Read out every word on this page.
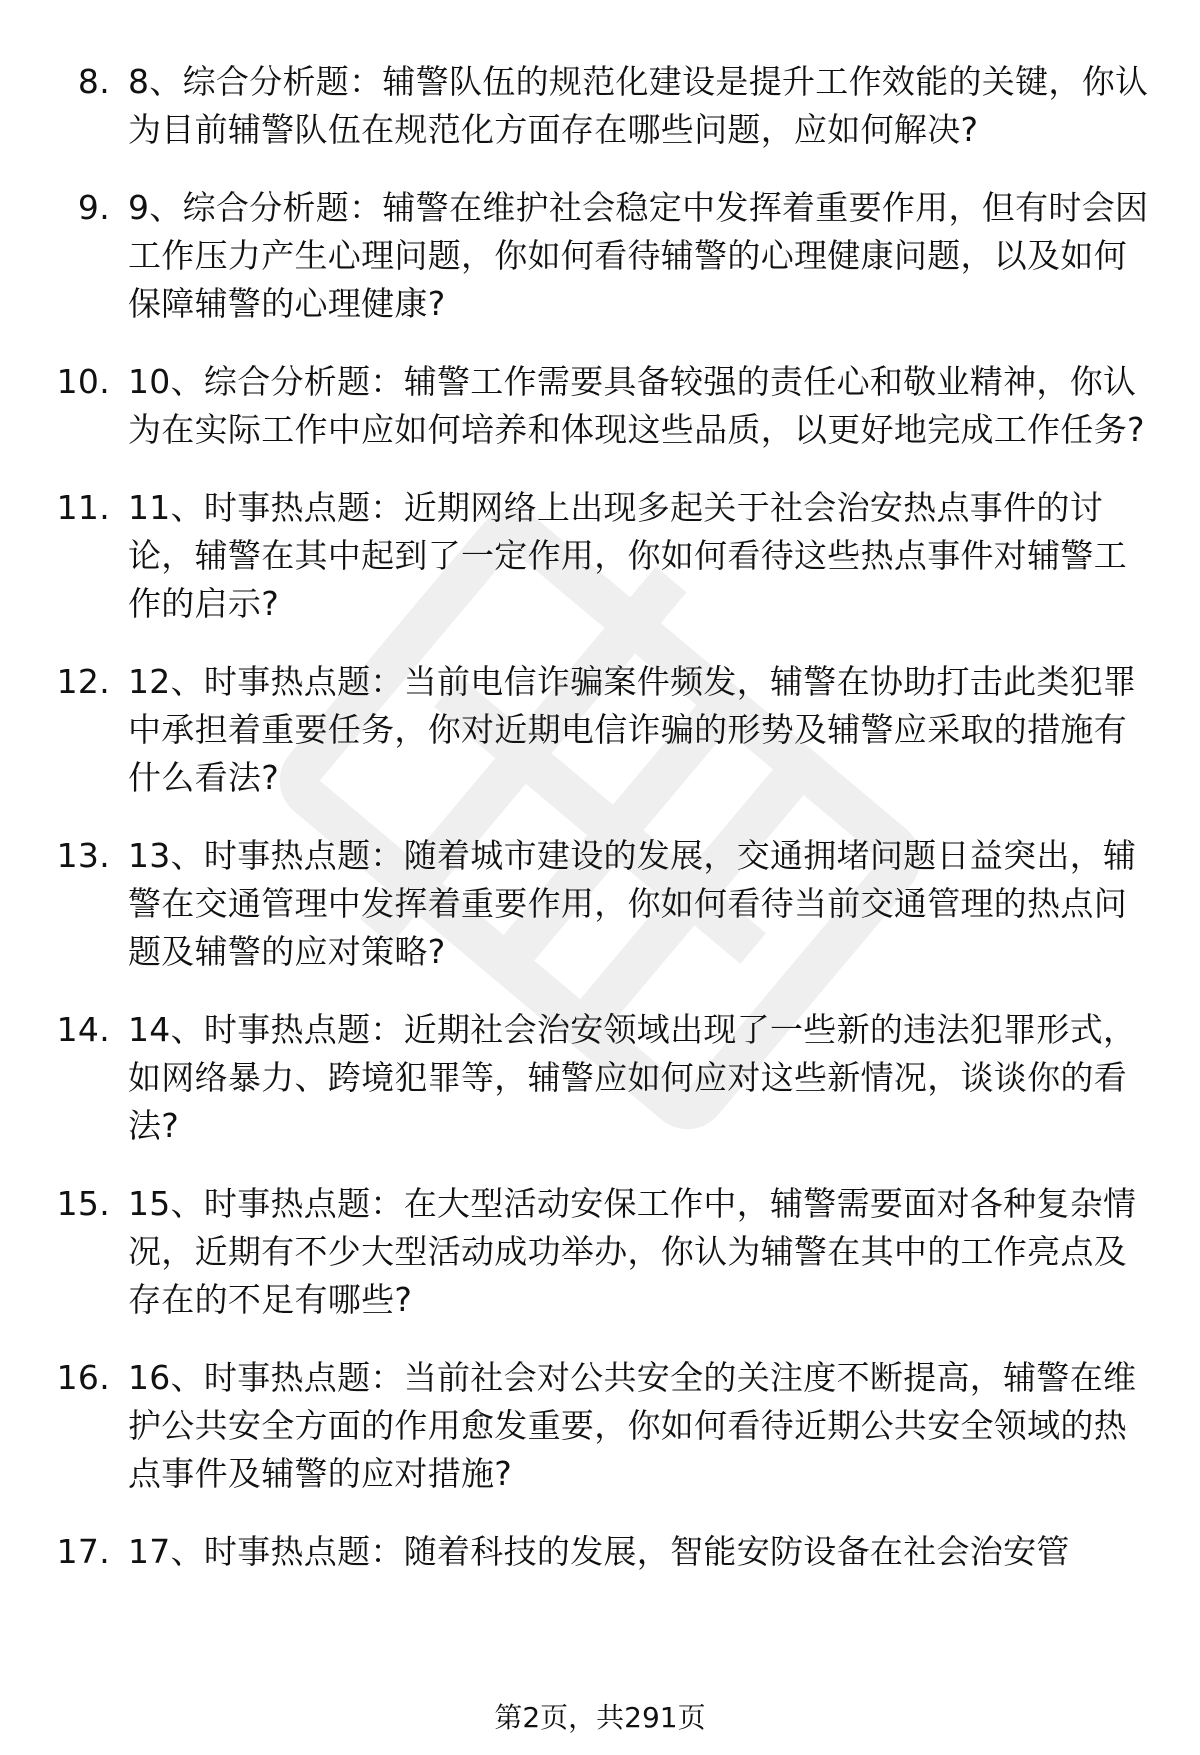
8. 8、综合分析题：辅警队伍的规范化建设是提升工作效能的关键，你认为目前辅警队伍在规范化方面存在哪些问题，应如何解决?
9. 9、综合分析题：辅警在维护社会稳定中发挥着重要作用，但有时会因工作压力产生心理问题，你如何看待辅警的心理健康问题，以及如何保障辅警的心理健康?
10. 10、综合分析题：辅警工作需要具备较强的责任心和敬业精神，你认为在实际工作中应如何培养和体现这些品质，以更好地完成工作任务?
11. 11、时事热点题：近期网络上出现多起关于社会治安热点事件的讨论，辅警在其中起到了一定作用，你如何看待这些热点事件对辅警工作的启示?
12. 12、时事热点题：当前电信诈骗案件频发，辅警在协助打击此类犯罪中承担着重要任务，你对近期电信诈骗的形势及辅警应采取的措施有什么看法?
13. 13、时事热点题：随着城市建设的发展，交通拥堵问题日益突出，辅警在交通管理中发挥着重要作用，你如何看待当前交通管理的热点问题及辅警的应对策略?
14. 14、时事热点题：近期社会治安领域出现了一些新的违法犯罪形式，如网络暴力、跨境犯罪等，辅警应如何应对这些新情况，谈谈你的看法?
15. 15、时事热点题：在大型活动安保工作中，辅警需要面对各种复杂情况，近期有不少大型活动成功举办，你认为辅警在其中的工作亮点及存在的不足有哪些?
16. 16、时事热点题：当前社会对公共安全的关注度不断提高，辅警在维护公共安全方面的作用愈发重要，你如何看待近期公共安全领域的热点事件及辅警的应对措施?
17. 17、时事热点题：随着科技的发展，智能安防设备在社会治安管
第2页，共291页
